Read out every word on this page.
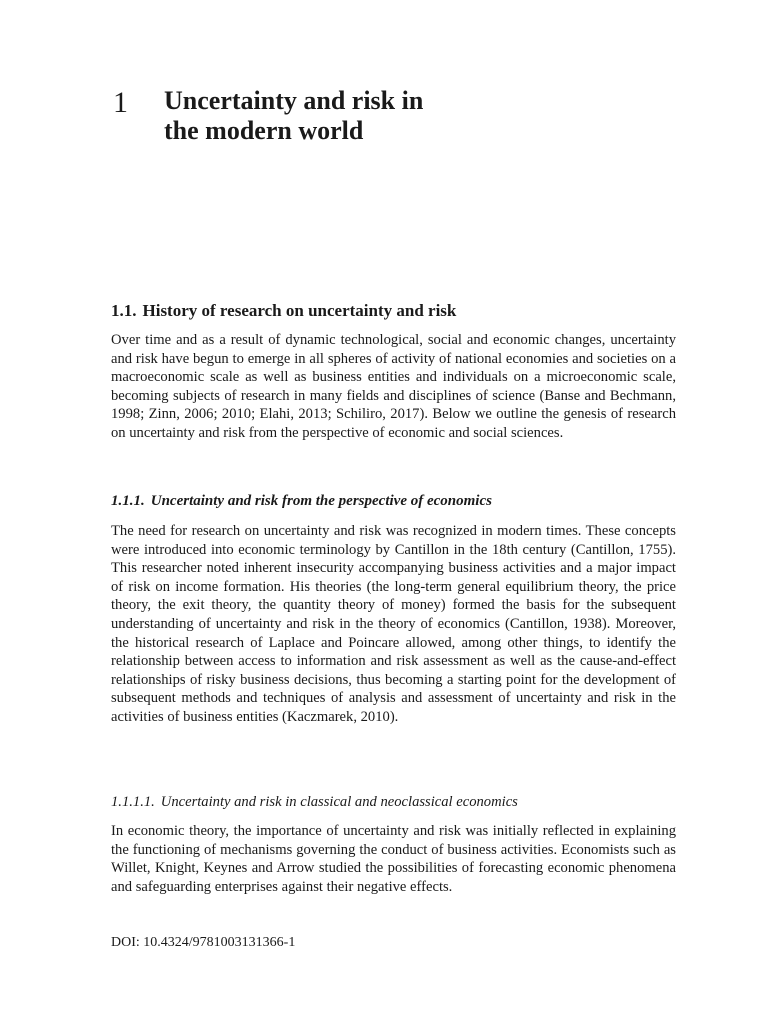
1 Uncertainty and risk in
the modern world
1.1. History of research on uncertainty and risk

Over time and as a result of dynamic technological, social and economic changes, uncertainty and risk have begun to emerge in all spheres of activity of national economies and societies on a macroeconomic scale as well as business entities and individuals on a microeconomic scale, becoming subjects of research in many fields and disciplines of science (Banse and Bechmann, 1998; Zinn, 2006; 2010; Elahi, 2013; Schiliro, 2017). Below we outline the genesis of research on uncertainty and risk from the perspective of economic and social sciences.

1.1.1. Uncertainty and risk from the perspective of economics

The need for research on uncertainty and risk was recognized in modern times. These concepts were introduced into economic terminology by Cantillon in the 18th century (Cantillon, 1755). This researcher noted inherent insecurity accompanying business activities and a major impact of risk on income formation. His theories (the long-term general equilibrium theory, the price theory, the exit theory, the quantity theory of money) formed the basis for the subsequent understanding of uncertainty and risk in the theory of economics (Cantillon, 1938). Moreover, the historical research of Laplace and Poincare allowed, among other things, to identify the relationship between access to information and risk assessment as well as the cause-and-effect relationships of risky business decisions, thus becoming a starting point for the development of subsequent methods and techniques of analysis and assessment of uncertainty and risk in the activities of business entities (Kaczmarek, 2010).

1.1.1.1. Uncertainty and risk in classical and neoclassical economics

In economic theory, the importance of uncertainty and risk was initially reflected in explaining the functioning of mechanisms governing the conduct of business activities. Economists such as Willet, Knight, Keynes and Arrow studied the possibilities of forecasting economic phenomena and safeguarding enterprises against their negative effects.

DOI: 10.4324/9781003131366-1
